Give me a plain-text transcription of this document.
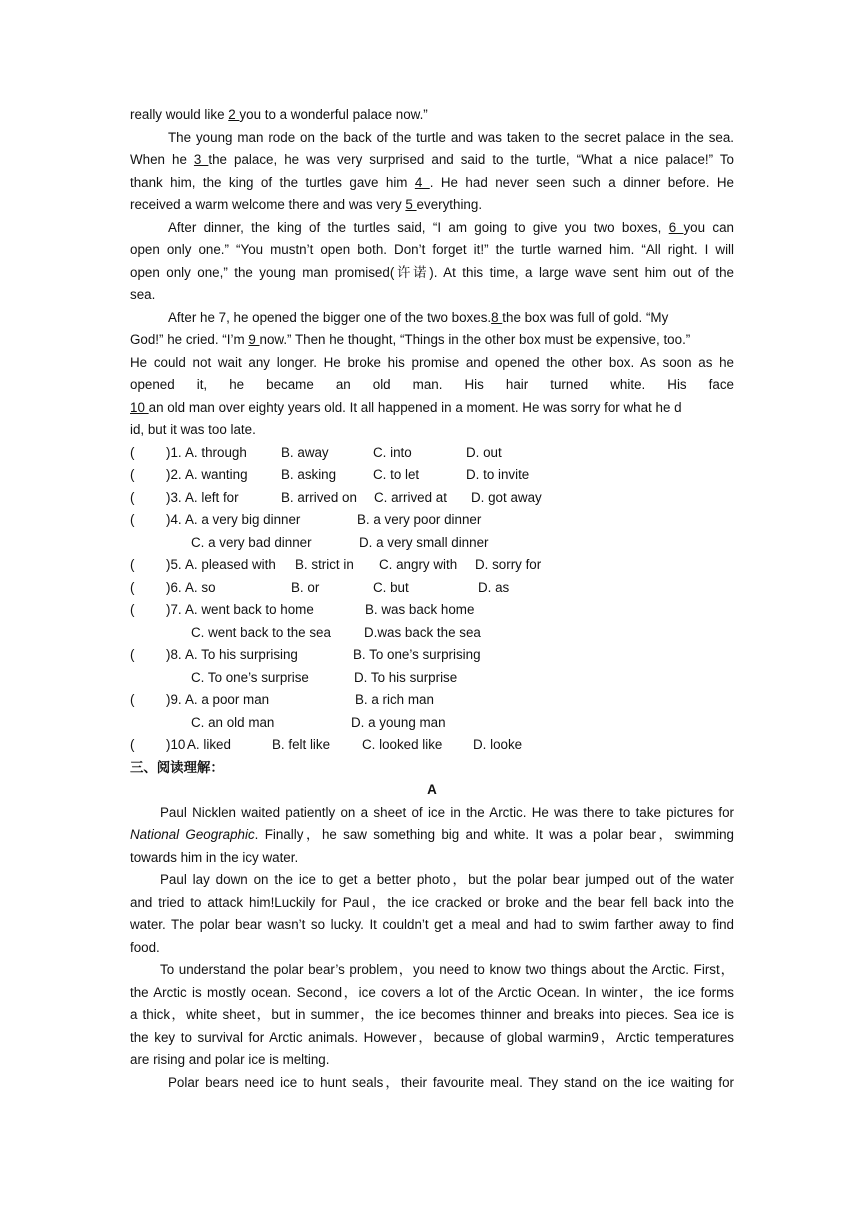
really would like 2 you to a wonderful palace now.”
The young man rode on the back of the turtle and was taken to the secret palace in the sea.
When he 3 the palace, he was very surprised and said to the turtle, “What a nice palace!” To
thank him, the king of the turtles gave him 4 . He had never seen such a dinner before. He
received a warm welcome there and was very 5 everything.
After dinner, the king of the turtles said, “I am going to give you two boxes, 6 you can
open only one.” “You mustn’t open both. Don’t forget it!” the turtle warned him. “All right. I will
open only one,” the young man promised(许诺). At this time, a large wave sent him out of the
sea.
After he 7, he opened the bigger one of the two boxes.8 the box was full of gold. “My
God!” he cried. “I’m 9 now.” Then he thought, “Things in the other box must be expensive, too.”
He could not wait any longer. He broke his promise and opened the other box. As soon as he
opened it, he became an old man. His hair turned white. His face
10 an old man over eighty years old. It all happened in a moment. He was sorry for what he d
id, but it was too late.
( )1. A. through	B. away	C. into	D. out
( )2. A. wanting B. asking	C. to let	D. to invite
( )3. A. left for	B. arrived on C. arrived at D. got away
( )4. A. a very big dinner	B. a very poor dinner
C. a very bad dinner	D. a very small dinner
( )5. A. pleased with B. strict in C. angry with D. sorry for
( )6. A. so	B. or	C. but	D. as
( )7. A. went back to home	B. was back home
C. went back to the sea D.was back the sea
( )8. A. To his surprising	B. To one’s surprising
C. To one’s surprise	D. To his surprise
( )9. A. a poor man	B. a rich man
C. an old man	D. a young man
( )10 A. liked	B. felt like C. looked like D. looke
三、阅读理解：
A
Paul Nicklen waited patiently on a sheet of ice in the Arctic. He was there to take pictures for
National Geographic. Finally，he saw something big and white. It was a polar bear，swimming
towards him in the icy water.
Paul lay down on the ice to get a better photo，but the polar bear jumped out of the water
and tried to attack him!Luckily for Paul，the ice cracked or broke and the bear fell back into the
water. The polar bear wasn’t so lucky. It couldn’t get a meal and had to swim farther away to find
food.
To understand the polar bear’s problem，you need to know two things about the Arctic. First，
the Arctic is mostly ocean. Second，ice covers a lot of the Arctic Ocean. In winter，the ice forms
a thick，white sheet，but in summer，the ice becomes thinner and breaks into pieces. Sea ice is
the key to survival for Arctic animals. However，because of global warmin9，Arctic temperatures
are rising and polar ice is melting.
Polar bears need ice to hunt seals，their favourite meal. They stand on the ice waiting for
